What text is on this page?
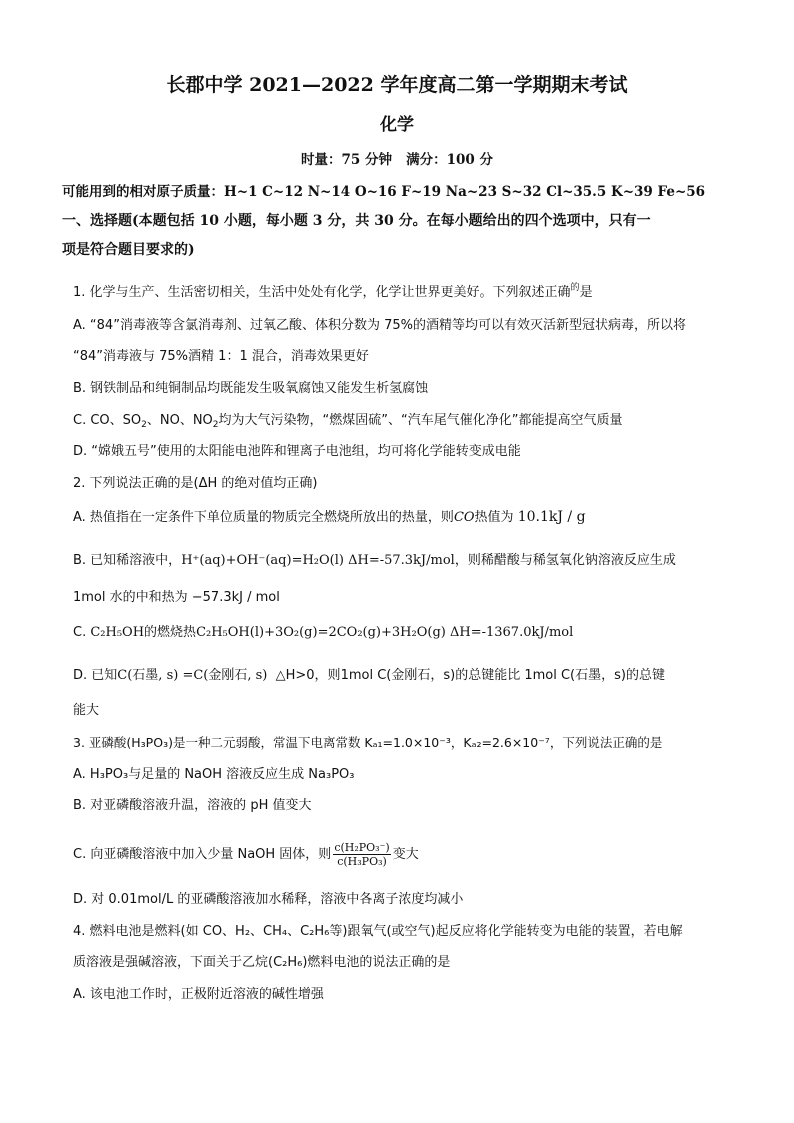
长郡中学 2021—2022 学年度高二第一学期期末考试
化学
时量：75 分钟 满分：100 分
可能用到的相对原子质量：H~1 C~12 N~14 O~16 F~19 Na~23 S~32 Cl~35.5 K~39 Fe~56
一、选择题(本题包括 10 小题，每小题 3 分，共 30 分。在每小题给出的四个选项中，只有一
项是符合题目要求的)
1. 化学与生产、生活密切相关，生活中处处有化学，化学让世界更美好。下列叙述正确$^的$是
A. “84”消毒液等含氯消毒剂、过氧乙酸、体积分数为 75%的酒精等均可以有效灭活新型冠状病毒，所以将
“84”消毒液与 75%酒精 1：1 混合，消毒效果更好
B. 钢铁制品和纯铜制品均既能发生吸氧腐蚀又能发生析氢腐蚀
C. CO、$SO_2$、NO、$NO_2$均为大气污染物，“燃煤固硫”、“汽车尾气催化净化”都能提高空气质量
D. “嫦娥五号”使用的太阳能电池阵和锂离子电池组，均可将化学能转变成电能
2. 下列说法正确的是(ΔH 的绝对值均正确)
A. 热值指在一定条件下单位质量的物质完全燃烧所放出的热量，则CO热值为 10.1kJ / g
B. 已知稀溶液中，H⁺(aq)+OH⁻(aq)=H₂O(l) ΔH=-57.3kJ/mol，则稀醋酸与稀氢氧化钠溶液反应生成
1mol 水的中和热为 −57.3kJ / mol
C. C₂H₅OH的燃烧热C₂H₅OH(l)+3O₂(g)=2CO₂(g)+3H₂O(g) ΔH=-1367.0kJ/mol
D. 已知C(石墨, s) =C(金刚石, s) △H>0，则1mol C(金刚石，s)的总键能比 1mol C(石墨，s)的总键
能大
3. 亚磷酸(H₃PO₃)是一种二元弱酸，常温下电离常数 Kₐ₁=1.0×10⁻³，Kₐ₂=2.6×10⁻⁷，下列说法正确的是
A. H₃PO₃与足量的 NaOH 溶液反应生成 Na₃PO₃
B. 对亚磷酸溶液升温，溶液的 pH 值变大
C. 向亚磷酸溶液中加入少量 NaOH 固体，则 $\frac{\text{c(H₂PO₃⁻)}}{\text{c(H₃PO₃)}}$ 变大
D. 对 0.01mol/L 的亚磷酸溶液加水稀释，溶液中各离子浓度均减小
4. 燃料电池是燃料(如 CO、H₂、CH₄、C₂H₆等)跟氧气(或空气)起反应将化学能转变为电能的装置，若电解
质溶液是强碱溶液，下面关于乙烷(C₂H₆)燃料电池的说法正确的是
A. 该电池工作时，正极附近溶液的碱性增强
